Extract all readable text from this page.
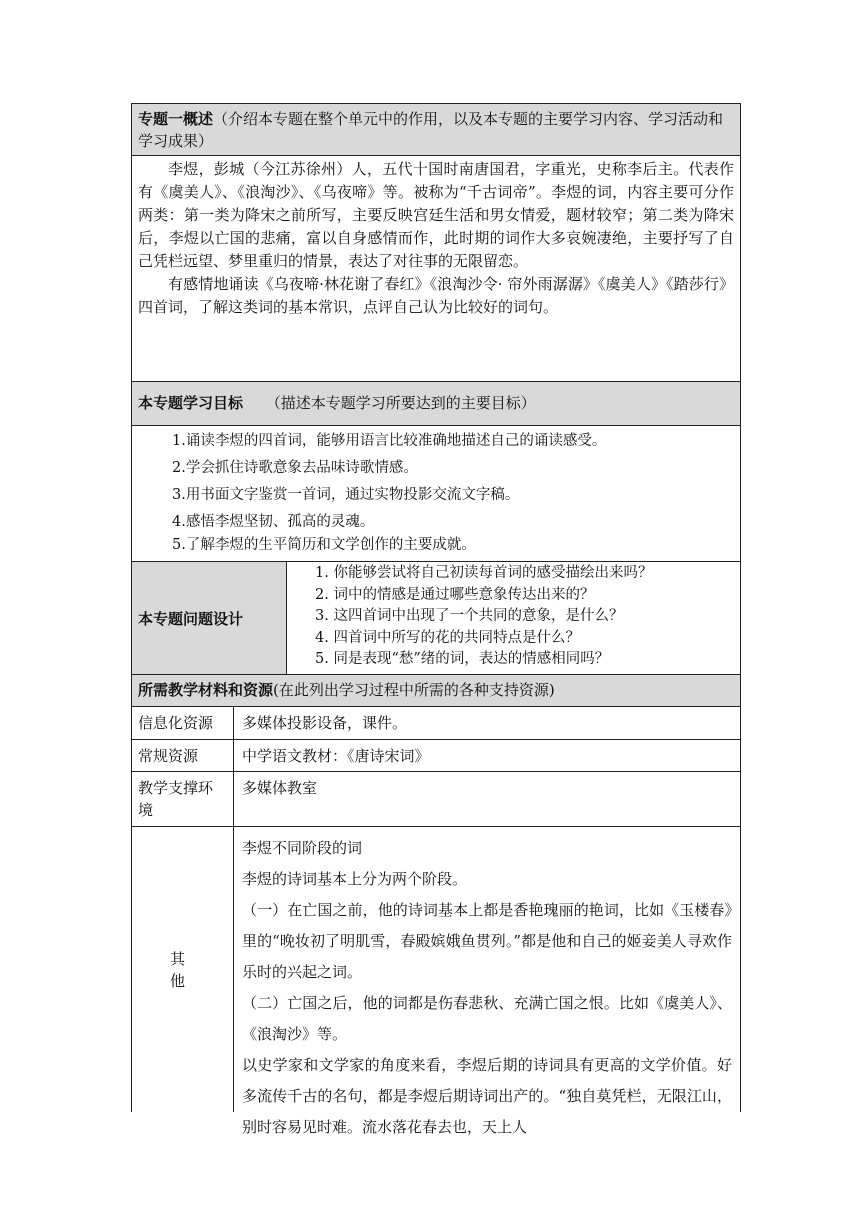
专题一概述（介绍本专题在整个单元中的作用，以及本专题的主要学习内容、学习活动和学习成果）

李煜，彭城（今江苏徐州）人，五代十国时南唐国君，字重光，史称李后主。代表作有《虞美人》、《浪淘沙》、《乌夜啼》等。被称为“千古词帝”。李煜的词，内容主要可分作两类：第一类为降宋之前所写，主要反映宫廷生活和男女情爱，题材较窄；第二类为降宋后，李煜以亡国的悲痛，富以自身感情而作，此时期的词作大多哀婉凄绝，主要抒写了自己凭栏远望、梦里重归的情景，表达了对往事的无限留恋。

有感情地诵读《乌夜啼·林花谢了春红》《浪淘沙令· 帘外雨潺潺》《虞美人》《踏莎行》四首词，了解这类词的基本常识，点评自己认为比较好的词句。

本专题学习目标 （描述本专题学习所要达到的主要目标）
1.诵读李煜的四首词，能够用语言比较准确地描述自己的诵读感受。
2.学会抓住诗歌意象去品味诗歌情感。
3.用书面文字鉴赏一首词，通过实物投影交流文字稿。
4.感悟李煜坚韧、孤高的灵魂。
5.了解李煜的生平简历和文学创作的主要成就。
本专题问题设计
1. 你能够尝试将自己初读每首词的感受描绘出来吗？
2. 词中的情感是通过哪些意象传达出来的？
3. 这四首词中出现了一个共同的意象，是什么？
4. 四首词中所写的花的共同特点是什么？
5. 同是表现“愁”绪的词，表达的情感相同吗？
所需教学材料和资源(在此列出学习过程中所需的各种支持资源)
信息化资源	多媒体投影设备，课件。
常规资源	中学语文教材：《唐诗宋词》
教学支撑环境
多媒体教室
其他
李煜不同阶段的词
李煜的诗词基本上分为两个阶段。
（一）在亡国之前，他的诗词基本上都是香艳瑰丽的艳词，比如《玉楼春》里的“晚妆初了明肌雪，春殿嫔娥鱼贯列。”都是他和自己的姬妾美人寻欢作乐时的兴起之词。
（二）亡国之后，他的词都是伤春悲秋、充满亡国之恨。比如《虞美人》、《浪淘沙》等。
以史学家和文学家的角度来看，李煜后期的诗词具有更高的文学价值。好多流传千古的名句，都是李煜后期诗词出产的。“独自莫凭栏，无限江山，别时容易见时难。流水落花春去也，天上人
